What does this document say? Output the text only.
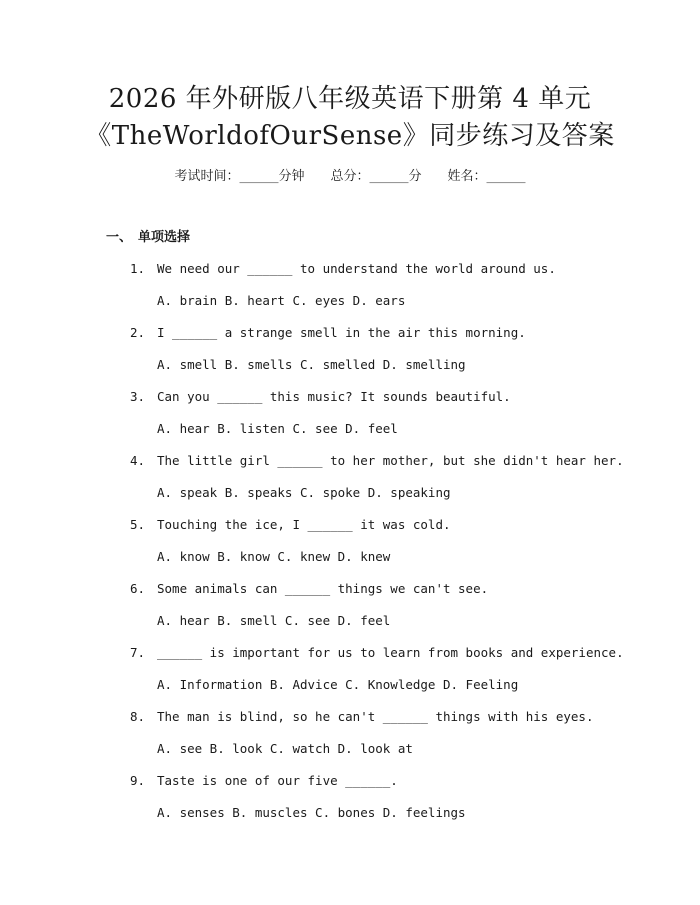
2026 年外研版八年级英语下册第 4 单元
《TheWorldofOurSense》同步练习及答案
考试时间：______分钟 总分：______分 姓名：______
一、 单项选择
1. We need our ______ to understand the world around us.
A. brain B. heart C. eyes D. ears
2. I ______ a strange smell in the air this morning.
A. smell B. smells C. smelled D. smelling
3. Can you ______ this music? It sounds beautiful.
A. hear B. listen C. see D. feel
4. The little girl ______ to her mother, but she didn't hear her.
A. speak B. speaks C. spoke D. speaking
5. Touching the ice, I ______ it was cold.
A. know B. know C. knew D. knew
6. Some animals can ______ things we can't see.
A. hear B. smell C. see D. feel
7. ______ is important for us to learn from books and experience.
A. Information B. Advice C. Knowledge D. Feeling
8. The man is blind, so he can't ______ things with his eyes.
A. see B. look C. watch D. look at
9. Taste is one of our five ______.
A. senses B. muscles C. bones D. feelings
